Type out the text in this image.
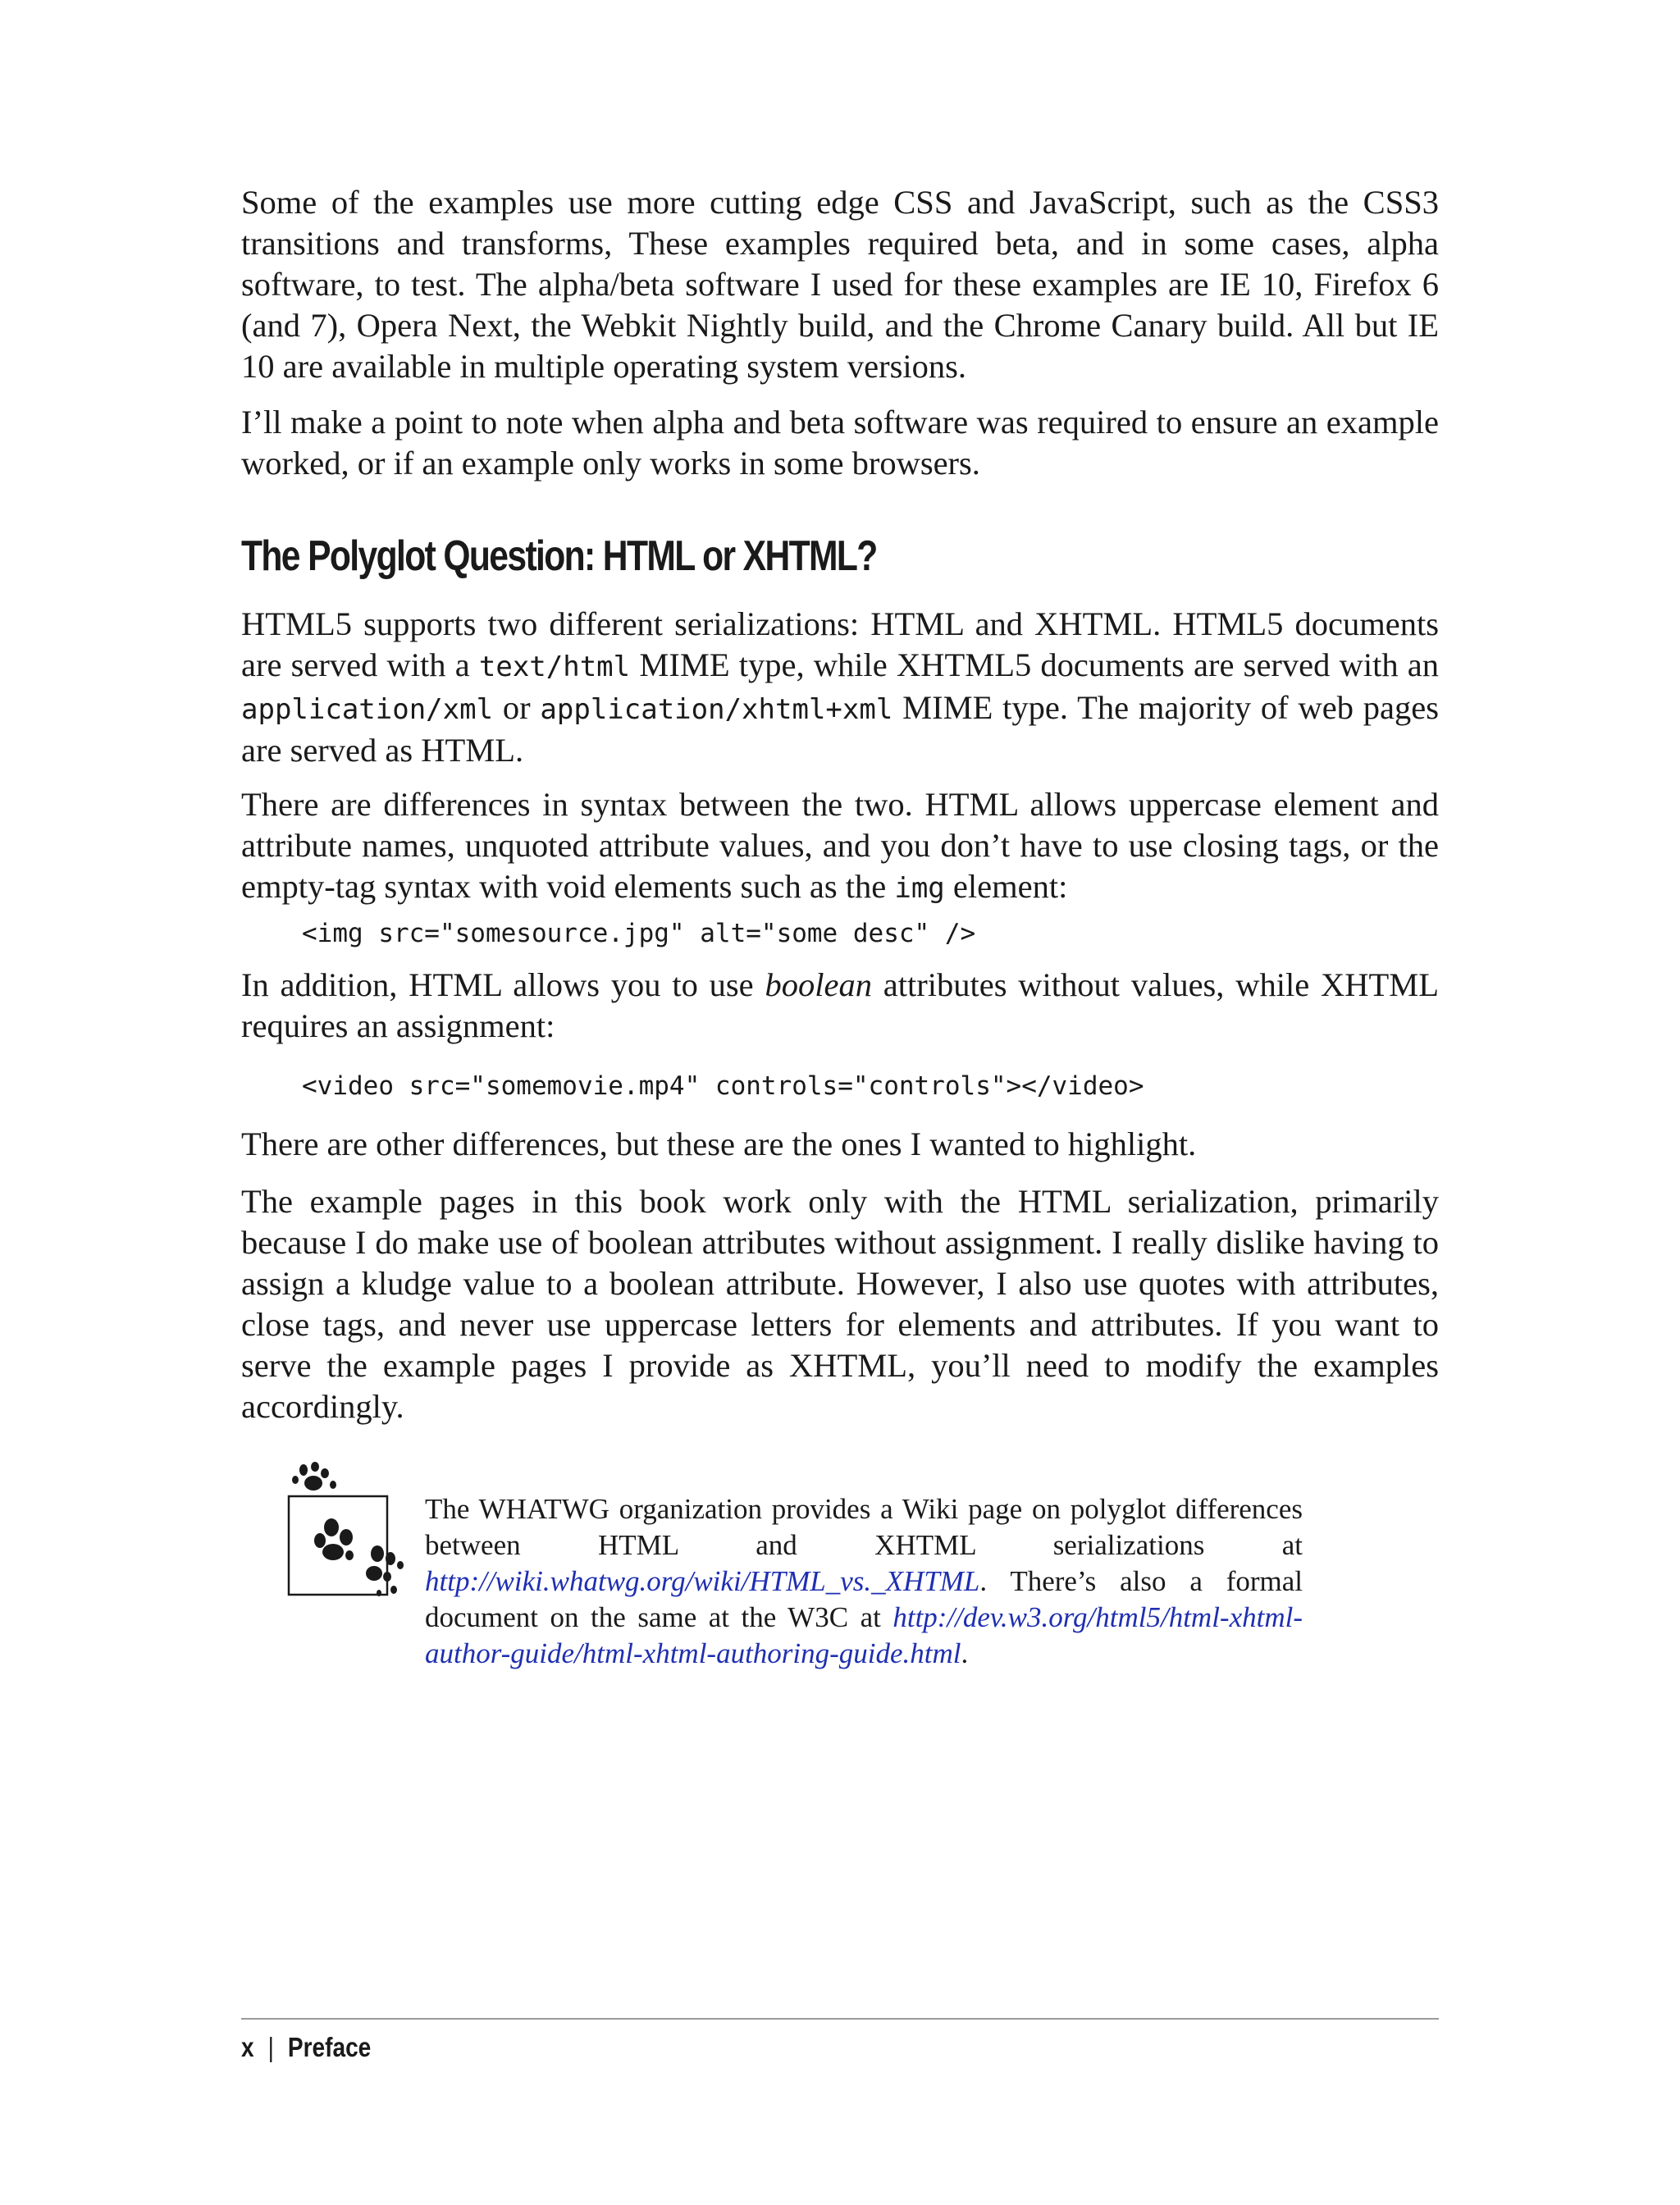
Some of the examples use more cutting edge CSS and JavaScript, such as the CSS3 transitions and transforms, These examples required beta, and in some cases, alpha software, to test. The alpha/beta software I used for these examples are IE 10, Firefox 6 (and 7), Opera Next, the Webkit Nightly build, and the Chrome Canary build. All but IE 10 are available in multiple operating system versions.

I’ll make a point to note when alpha and beta software was required to ensure an example worked, or if an example only works in some browsers.

The Polyglot Question: HTML or XHTML?

HTML5 supports two different serializations: HTML and XHTML. HTML5 documents are served with a text/html MIME type, while XHTML5 documents are served with an application/xml or application/xhtml+xml MIME type. The majority of web pages are served as HTML.

There are differences in syntax between the two. HTML allows uppercase element and attribute names, unquoted attribute values, and you don’t have to use closing tags, or the empty-tag syntax with void elements such as the img element:

<img src="somesource.jpg" alt="some desc" />

In addition, HTML allows you to use boolean attributes without values, while XHTML requires an assignment:

<video src="somemovie.mp4" controls="controls"></video>

There are other differences, but these are the ones I wanted to highlight.

The example pages in this book work only with the HTML serialization, primarily because I do make use of boolean attributes without assignment. I really dislike having to assign a kludge value to a boolean attribute. However, I also use quotes with attributes, close tags, and never use uppercase letters for elements and attributes. If you want to serve the example pages I provide as XHTML, you’ll need to modify the examples accordingly.

The WHATWG organization provides a Wiki page on polyglot differences between HTML and XHTML serializations at http://wiki.whatwg.org/wiki/HTML_vs._XHTML. There’s also a formal document on the same at the W3C at http://dev.w3.org/html5/html-xhtml-author-guide/html-xhtml-authoring-guide.html.

x | Preface
